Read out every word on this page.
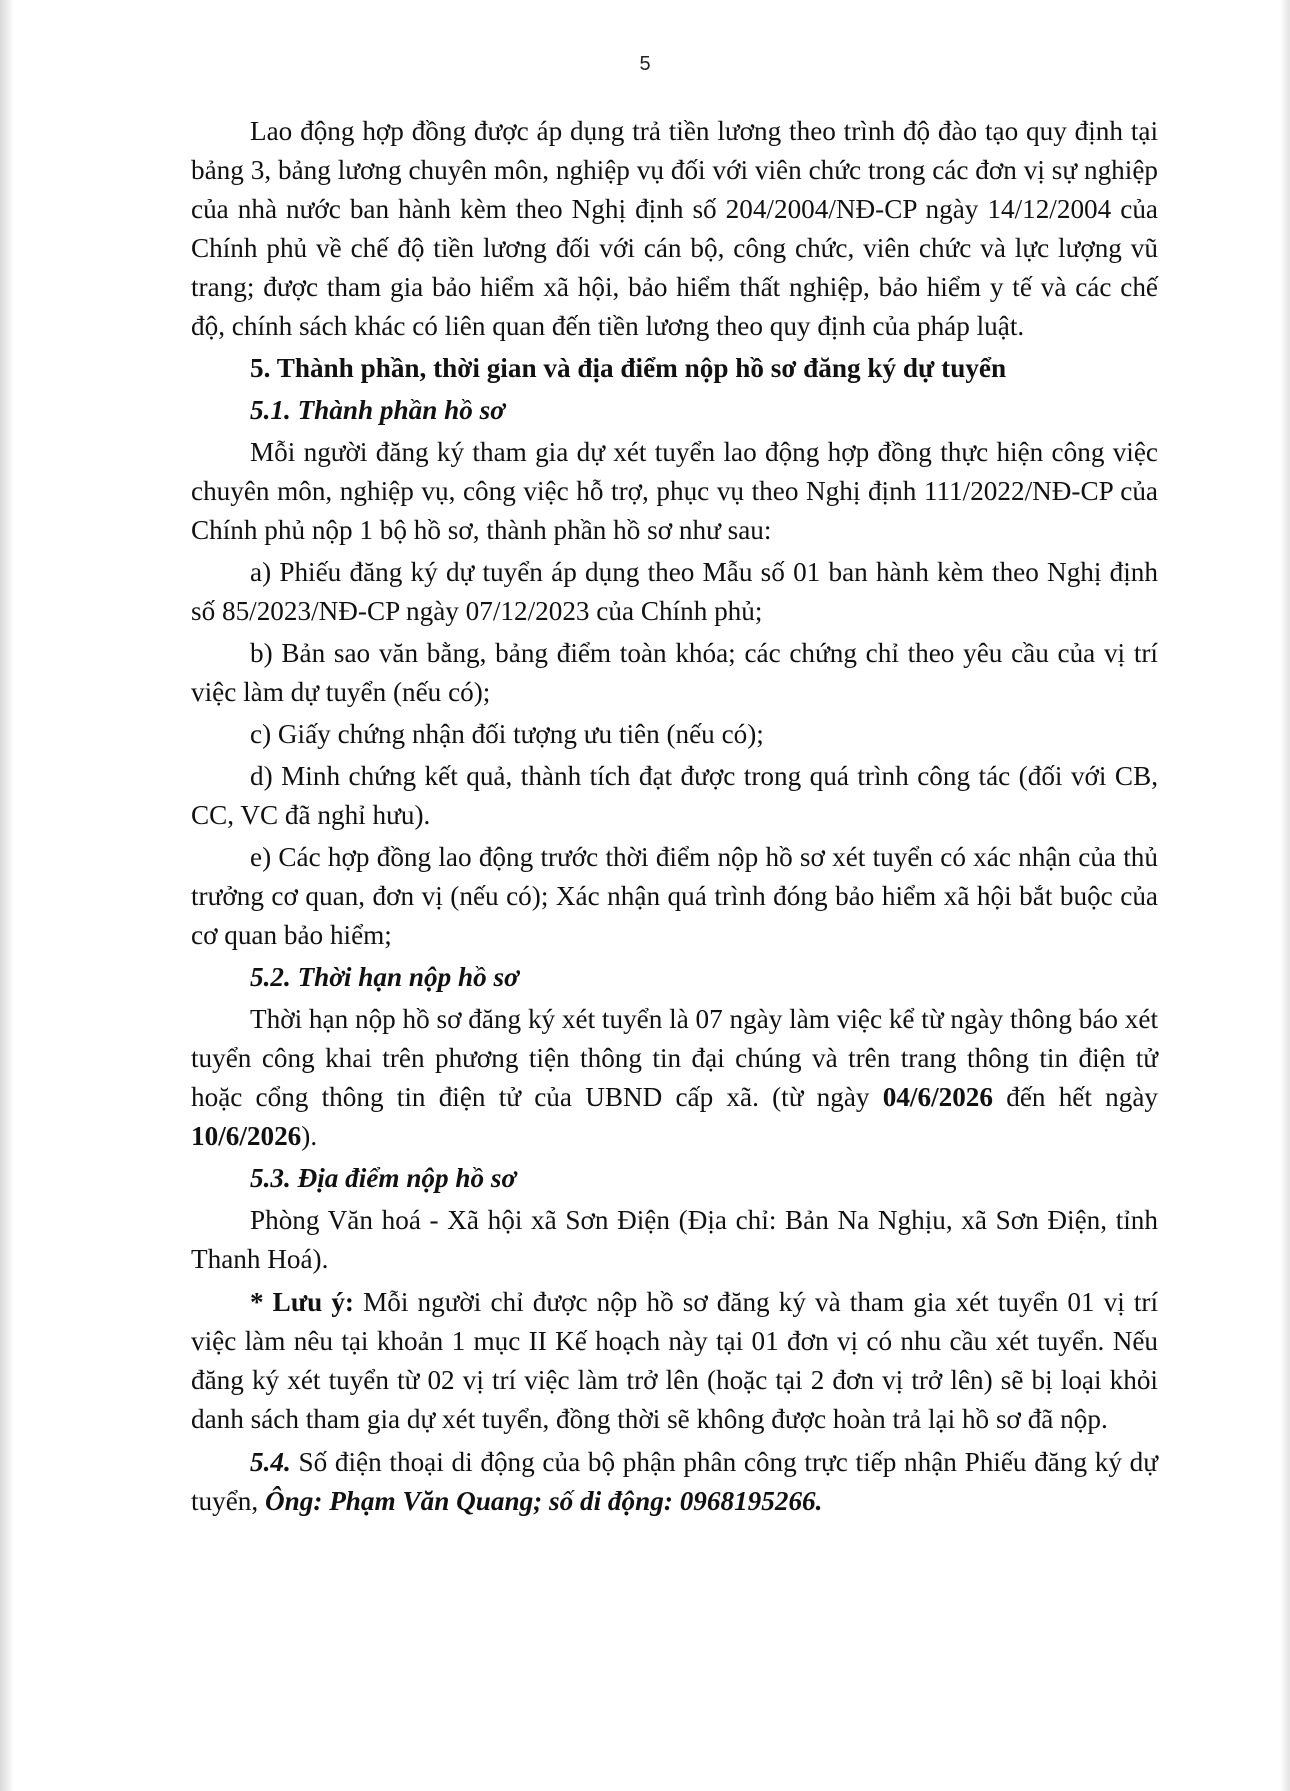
5

Lao động hợp đồng được áp dụng trả tiền lương theo trình độ đào tạo quy định tại bảng 3, bảng lương chuyên môn, nghiệp vụ đối với viên chức trong các đơn vị sự nghiệp của nhà nước ban hành kèm theo Nghị định số 204/2004/NĐ-CP ngày 14/12/2004 của Chính phủ về chế độ tiền lương đối với cán bộ, công chức, viên chức và lực lượng vũ trang; được tham gia bảo hiểm xã hội, bảo hiểm thất nghiệp, bảo hiểm y tế và các chế độ, chính sách khác có liên quan đến tiền lương theo quy định của pháp luật.

5. Thành phần, thời gian và địa điểm nộp hồ sơ đăng ký dự tuyển

5.1. Thành phần hồ sơ

Mỗi người đăng ký tham gia dự xét tuyển lao động hợp đồng thực hiện công việc chuyên môn, nghiệp vụ, công việc hỗ trợ, phục vụ theo Nghị định 111/2022/NĐ-CP của Chính phủ nộp 1 bộ hồ sơ, thành phần hồ sơ như sau:

a) Phiếu đăng ký dự tuyển áp dụng theo Mẫu số 01 ban hành kèm theo Nghị định số 85/2023/NĐ-CP ngày 07/12/2023 của Chính phủ;

b) Bản sao văn bằng, bảng điểm toàn khóa; các chứng chỉ theo yêu cầu của vị trí việc làm dự tuyển (nếu có);

c) Giấy chứng nhận đối tượng ưu tiên (nếu có);

d) Minh chứng kết quả, thành tích đạt được trong quá trình công tác (đối với CB, CC, VC đã nghỉ hưu).

e) Các hợp đồng lao động trước thời điểm nộp hồ sơ xét tuyển có xác nhận của thủ trưởng cơ quan, đơn vị (nếu có); Xác nhận quá trình đóng bảo hiểm xã hội bắt buộc của cơ quan bảo hiểm;

5.2. Thời hạn nộp hồ sơ

Thời hạn nộp hồ sơ đăng ký xét tuyển là 07 ngày làm việc kể từ ngày thông báo xét tuyển công khai trên phương tiện thông tin đại chúng và trên trang thông tin điện tử hoặc cổng thông tin điện tử của UBND cấp xã. (từ ngày 04/6/2026 đến hết ngày 10/6/2026).

5.3. Địa điểm nộp hồ sơ

Phòng Văn hoá - Xã hội xã Sơn Điện (Địa chỉ: Bản Na Nghịu, xã Sơn Điện, tỉnh Thanh Hoá).

* Lưu ý: Mỗi người chỉ được nộp hồ sơ đăng ký và tham gia xét tuyển 01 vị trí việc làm nêu tại khoản 1 mục II Kế hoạch này tại 01 đơn vị có nhu cầu xét tuyển. Nếu đăng ký xét tuyển từ 02 vị trí việc làm trở lên (hoặc tại 2 đơn vị trở lên) sẽ bị loại khỏi danh sách tham gia dự xét tuyển, đồng thời sẽ không được hoàn trả lại hồ sơ đã nộp.

5.4. Số điện thoại di động của bộ phận phân công trực tiếp nhận Phiếu đăng ký dự tuyển, Ông: Phạm Văn Quang; số di động: 0968195266.
